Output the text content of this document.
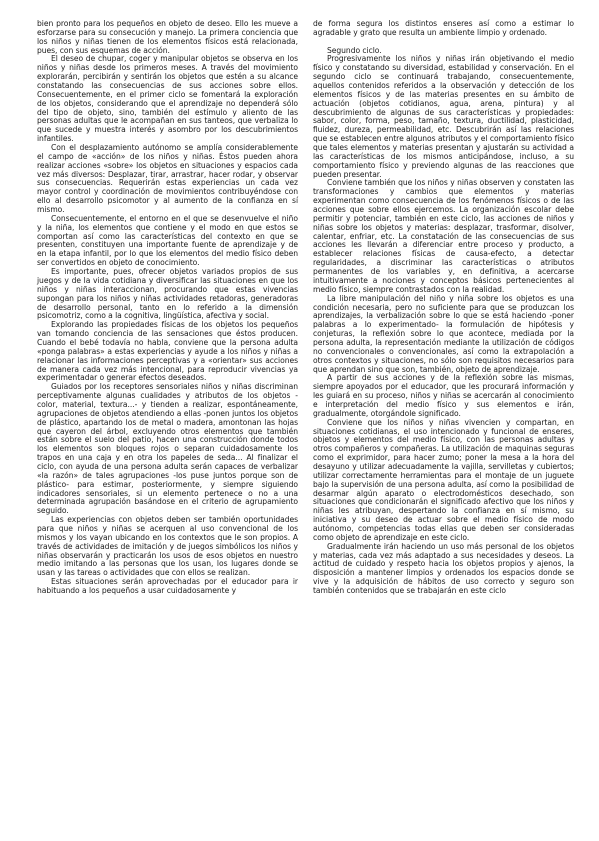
bien pronto para los pequeños en objeto de deseo. Ello les mueve a esforzarse para su consecución y manejo. La primera conciencia que los niños y niñas tienen de los elementos físicos está relacionada, pues, con sus esquemas de acción.

El deseo de chupar, coger y manipular objetos se observa en los niños y niñas desde los primeros meses. A través del movimiento explorarán, percibirán y sentirán los objetos que estén a su alcance constatando las consecuencias de sus acciones sobre ellos. Consecuentemente, en el primer ciclo se fomentará la exploración de los objetos, considerando que el aprendizaje no dependerá sólo del tipo de objeto, sino, también del estímulo y aliento de las personas adultas que le acompañan en sus tanteos, que verbaliza lo que sucede y muestra interés y asombro por los descubrimientos infantiles.

Con el desplazamiento autónomo se amplía considerablemente el campo de «acción» de los niños y niñas. Éstos pueden ahora realizar acciones «sobre» los objetos en situaciones y espacios cada vez más diversos: Desplazar, tirar, arrastrar, hacer rodar, y observar sus consecuencias. Requerirán estas experiencias un cada vez mayor control y coordinación de movimientos contribuyéndose con ello al desarrollo psicomotor y al aumento de la confianza en sí mismo.

Consecuentemente, el entorno en el que se desenvuelve el niño y la niña, los elementos que contiene y el modo en que estos se comportan así como las características del contexto en que se presenten, constituyen una importante fuente de aprendizaje y de en la etapa infantil, por lo que los elementos del medio físico deben ser convertidos en objeto de conocimiento.

Es importante, pues, ofrecer objetos variados propios de sus juegos y de la vida cotidiana y diversificar las situaciones en que los niños y niñas interaccionan, procurando que estas vivencias supongan para los niños y niñas actividades retadoras, generadoras de desarrollo personal, tanto en lo referido a la dimensión psicomotriz, como a la cognitiva, lingüística, afectiva y social.

Explorando las propiedades físicas de los objetos los pequeños van tomando conciencia de las sensaciones que éstos producen. Cuando el bebé todavía no habla, conviene que la persona adulta «ponga palabras» a estas experiencias y ayude a los niños y niñas a relacionar las informaciones perceptivas y a «orientar» sus acciones de manera cada vez más intencional, para reproducir vivencias ya experimentadar o generar efectos deseados.

Guiados por los receptores sensoriales niños y niñas discriminan perceptivamente algunas cualidades y atributos de los objetos -color, material, textura...- y tienden a realizar, espontáneamente, agrupaciones de objetos atendiendo a ellas -ponen juntos los objetos de plástico, apartando los de metal o madera, amontonan las hojas que cayeron del árbol, excluyendo otros elementos que también están sobre el suelo del patio, hacen una construcción donde todos los elementos son bloques rojos o separan cuidadosamente los trapos en una caja y en otra los papeles de seda... Al finalizar el ciclo, con ayuda de una persona adulta serán capaces de verbalizar «la razón» de tales agrupaciones -los puse juntos porque son de plástico- para estimar, posteriormente, y siempre siguiendo indicadores sensoriales, si un elemento pertenece o no a una determinada agrupación basándose en el criterio de agrupamiento seguido.

Las experiencias con objetos deben ser también oportunidades para que niños y niñas se acerquen al uso convencional de los mismos y los vayan ubicando en los contextos que le son propios. A través de actividades de imitación y de juegos simbólicos los niños y niñas observarán y practicarán los usos de esos objetos en nuestro medio imitando a las personas que los usan, los lugares donde se usan y las tareas o actividades que con ellos se realizan.

Estas situaciones serán aprovechadas por el educador para ir habituando a los pequeños a usar cuidadosamente y

de forma segura los distintos enseres así como a estimar lo agradable y grato que resulta un ambiente limpio y ordenado.

Segundo ciclo.

Progresivamente los niños y niñas irán objetivando el medio físico y constatando su diversidad, estabilidad y conservación. En el segundo ciclo se continuará trabajando, consecuentemente, aquellos contenidos referidos a la observación y detección de los elementos físicos y de las materias presentes en su ámbito de actuación (objetos cotidianos, agua, arena, pintura) y al descubrimiento de algunas de sus características y propiedades: sabor, color, forma, peso, tamaño, textura, ductilidad, plasticidad, fluidez, dureza, permeabilidad, etc. Descubrirán así las relaciones que se establecen entre algunos atributos y el comportamiento físico que tales elementos y materias presentan y ajustarán su actividad a las características de los mismos anticipándose, incluso, a su comportamiento físico y previendo algunas de las reacciones que pueden presentar.

Conviene también que los niños y niñas observen y constaten las transformaciones y cambios que elementos y materias experimentan como consecuencia de los fenómenos físicos o de las acciones que sobre ellos ejercemos. La organización escolar debe permitir y potenciar, también en este ciclo, las acciones de niños y niñas sobre los objetos y materias: desplazar, trasformar, disolver, calentar, enfriar, etc. La constatación de las consecuencias de sus acciones les llevarán a diferenciar entre proceso y producto, a establecer relaciones físicas de causa-efecto, a detectar regularidades, a discriminar las características o atributos permanentes de los variables y, en definitiva, a acercarse intuitivamente a nociones y conceptos básicos pertenecientes al medio físico, siempre contrastados con la realidad.

La libre manipulación del niño y niña sobre los objetos es una condición necesaria, pero no suficiente para que se produzcan los aprendizajes, la verbalización sobre lo que se está haciendo -poner palabras a lo experimentado- la formulación de hipótesis y conjeturas, la reflexión sobre lo que acontece, mediada por la persona adulta, la representación mediante la utilización de códigos no convencionales o convencionales, así como la extrapolación a otros contextos y situaciones, no sólo son requisitos necesarios para que aprendan sino que son, también, objeto de aprendizaje.

A partir de sus acciones y de la reflexión sobre las mismas, siempre apoyados por el educador, que les procurará información y les guiará en su proceso, niños y niñas se acercarán al conocimiento e interpretación del medio físico y sus elementos e irán, gradualmente, otorgándole significado.

Conviene que los niños y niñas vivencien y compartan, en situaciones cotidianas, el uso intencionado y funcional de enseres, objetos y elementos del medio físico, con las personas adultas y otros compañeros y compañeras. La utilización de maquinas seguras como el exprimidor, para hacer zumo; poner la mesa a la hora del desayuno y utilizar adecuadamente la vajilla, servilletas y cubiertos; utilizar correctamente herramientas para el montaje de un juguete bajo la supervisión de una persona adulta, así como la posibilidad de desarmar algún aparato o electrodomésticos desechado, son situaciones que condicionarán el significado afectivo que los niños y niñas les atribuyan, despertando la confianza en sí mismo, su iniciativa y su deseo de actuar sobre el medio físico de modo autónomo, competencias todas ellas que deben ser consideradas como objeto de aprendizaje en este ciclo.

Gradualmente irán haciendo un uso más personal de los objetos y materias, cada vez más adaptado a sus necesidades y deseos. La actitud de cuidado y respeto hacia los objetos propios y ajenos, la disposición a mantener limpios y ordenados los espacios donde se vive y la adquisición de hábitos de uso correcto y seguro son también contenidos que se trabajarán en este ciclo
